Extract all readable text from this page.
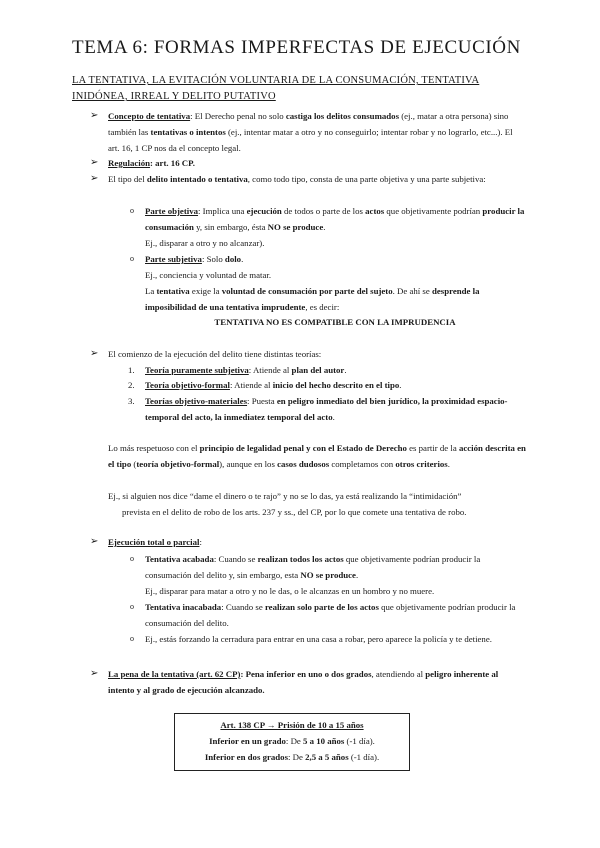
TEMA 6: FORMAS IMPERFECTAS DE EJECUCIÓN
LA TENTATIVA, LA EVITACIÓN VOLUNTARIA DE LA CONSUMACIÓN, TENTATIVA INIDÓNEA, IRREAL Y DELITO PUTATIVO
➢ Concepto de tentativa: El Derecho penal no solo castiga los delitos consumados (ej., matar a otra persona) sino también las tentativas o intentos (ej., intentar matar a otro y no conseguirlo; intentar robar y no lograrlo, etc...). El art. 16, 1 CP nos da el concepto legal.
➢ Regulación: art. 16 CP.
➢ El tipo del delito intentado o tentativa, como todo tipo, consta de una parte objetiva y una parte subjetiva:
o Parte objetiva: Implica una ejecución de todos o parte de los actos que objetivamente podrían producir la consumación y, sin embargo, ésta NO se produce.
Ej., disparar a otro y no alcanzar).
o Parte subjetiva: Solo dolo.
Ej., conciencia y voluntad de matar.
La tentativa exige la voluntad de consumación por parte del sujeto. De ahí se desprende la imposibilidad de una tentativa imprudente, es decir:
TENTATIVA NO ES COMPATIBLE CON LA IMPRUDENCIA
➢ El comienzo de la ejecución del delito tiene distintas teorías:
1. Teoría puramente subjetiva: Atiende al plan del autor.
2. Teoría objetivo-formal: Atiende al inicio del hecho descrito en el tipo.
3. Teorías objetivo-materiales: Puesta en peligro inmediato del bien jurídico, la proximidad espacio-temporal del acto, la inmediatez temporal del acto.
Lo más respetuoso con el principio de legalidad penal y con el Estado de Derecho es partir de la acción descrita en el tipo (teoría objetivo-formal), aunque en los casos dudosos completamos con otros criterios.
Ej., si alguien nos dice “dame el dinero o te rajo” y no se lo das, ya está realizando la “intimidación”
prevista en el delito de robo de los arts. 237 y ss., del CP, por lo que comete una tentativa de robo.
➢ Ejecución total o parcial:
o Tentativa acabada: Cuando se realizan todos los actos que objetivamente podrían producir la consumación del delito y, sin embargo, esta NO se produce.
Ej., disparar para matar a otro y no le das, o le alcanzas en un hombro y no muere.
o Tentativa inacabada: Cuando se realizan solo parte de los actos que objetivamente podrían producir la consumación del delito.
o Ej., estás forzando la cerradura para entrar en una casa a robar, pero aparece la policía y te detiene.
➢ La pena de la tentativa (art. 62 CP): Pena inferior en uno o dos grados, atendiendo al peligro inherente al intento y al grado de ejecución alcanzado.
Art. 138 CP → Prisión de 10 a 15 años
Inferior en un grado: De 5 a 10 años (-1 día).
Inferior en dos grados: De 2,5 a 5 años (-1 día).
